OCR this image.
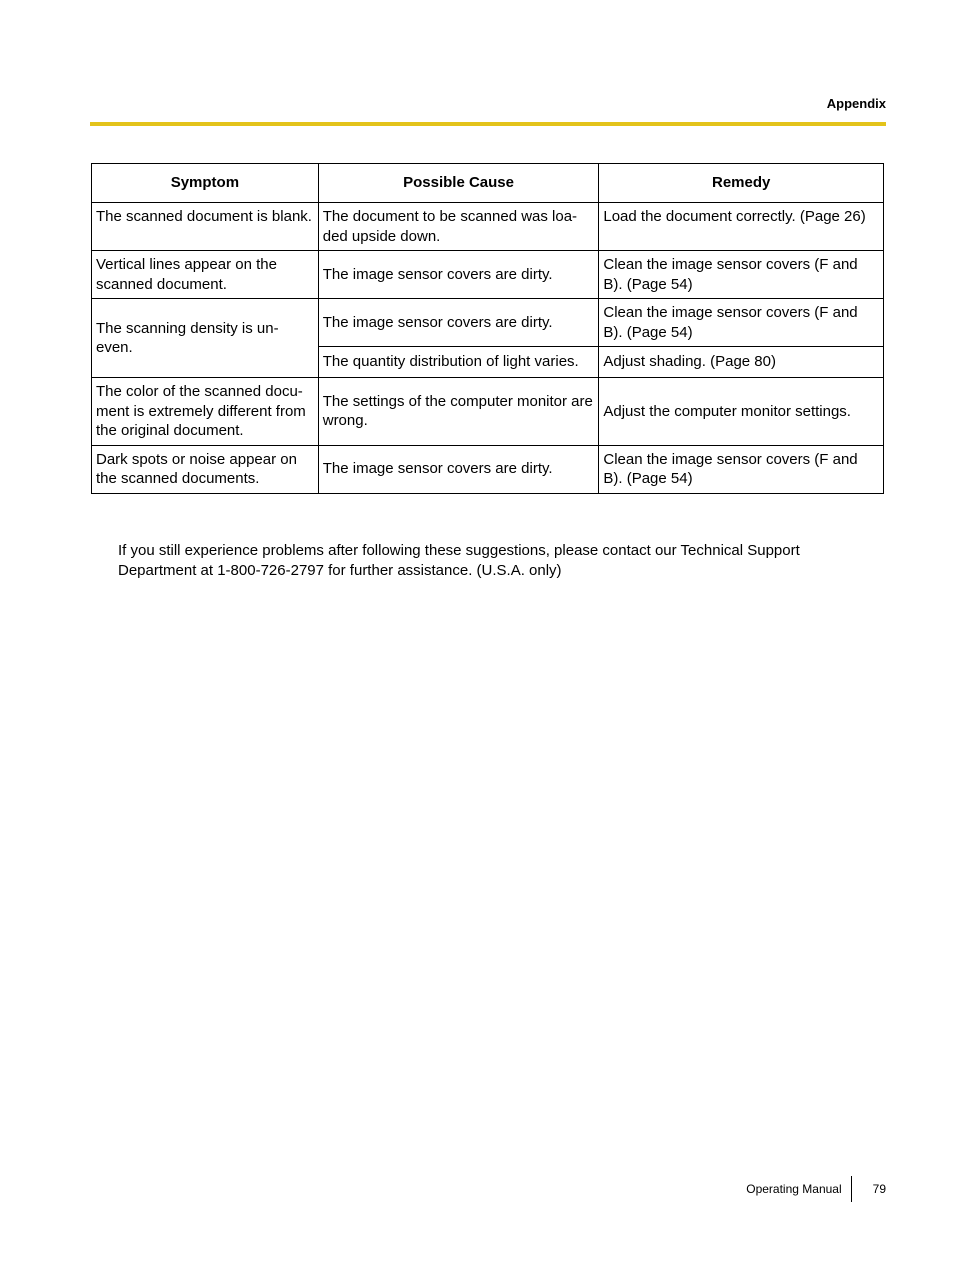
Appendix
Symptom	Possible Cause	Remedy
The scanned document is blank.	The document to be scanned was loa-ded upside down.	Load the document correctly. (Page 26)
Vertical lines appear on the scanned document.	The image sensor covers are dirty.	Clean the image sensor covers (F and B). (Page 54)
The scanning density is un-even.	The image sensor covers are dirty.	Clean the image sensor covers (F and B). (Page 54)
	The quantity distribution of light varies.	Adjust shading. (Page 80)
The color of the scanned docu-ment is extremely different from the original document.	The settings of the computer monitor are wrong.	Adjust the computer monitor settings.
Dark spots or noise appear on the scanned documents.	The image sensor covers are dirty.	Clean the image sensor covers (F and B). (Page 54)

If you still experience problems after following these suggestions, please contact our Technical Support Department at 1-800-726-2797 for further assistance. (U.S.A. only)

Operating Manual	79
